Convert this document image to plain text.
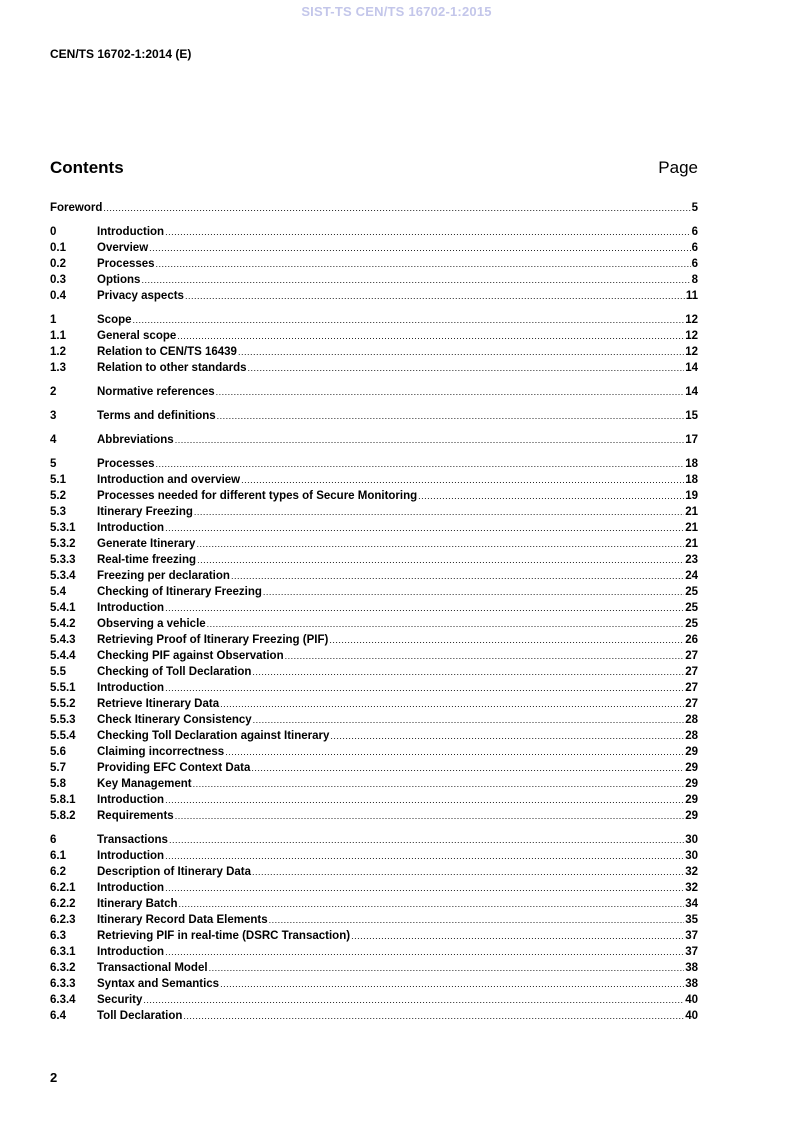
SIST-TS CEN/TS 16702-1:2015
CEN/TS 16702-1:2014 (E)
Contents	Page
Foreword .....	5
0	Introduction .....	6
0.1	Overview .....	6
0.2	Processes .....	6
0.3	Options .....	8
0.4	Privacy aspects .....	11
1	Scope .....	12
1.1	General scope .....	12
1.2	Relation to CEN/TS 16439 .....	12
1.3	Relation to other standards .....	14
2	Normative references .....	14
3	Terms and definitions .....	15
4	Abbreviations .....	17
5	Processes .....	18
5.1	Introduction and overview .....	18
5.2	Processes needed for different types of Secure Monitoring .....	19
5.3	Itinerary Freezing .....	21
5.3.1	Introduction .....	21
5.3.2	Generate Itinerary .....	21
5.3.3	Real-time freezing .....	23
5.3.4	Freezing per declaration .....	24
5.4	Checking of Itinerary Freezing .....	25
5.4.1	Introduction .....	25
5.4.2	Observing a vehicle .....	25
5.4.3	Retrieving Proof of Itinerary Freezing (PIF) .....	26
5.4.4	Checking PIF against Observation .....	27
5.5	Checking of Toll Declaration .....	27
5.5.1	Introduction .....	27
5.5.2	Retrieve Itinerary Data .....	27
5.5.3	Check Itinerary Consistency .....	28
5.5.4	Checking Toll Declaration against Itinerary .....	28
5.6	Claiming incorrectness .....	29
5.7	Providing EFC Context Data .....	29
5.8	Key Management .....	29
5.8.1	Introduction .....	29
5.8.2	Requirements .....	29
6	Transactions .....	30
6.1	Introduction .....	30
6.2	Description of Itinerary Data .....	32
6.2.1	Introduction .....	32
6.2.2	Itinerary Batch .....	34
6.2.3	Itinerary Record Data Elements .....	35
6.3	Retrieving PIF in real-time (DSRC Transaction) .....	37
6.3.1	Introduction .....	37
6.3.2	Transactional Model .....	38
6.3.3	Syntax and Semantics .....	38
6.3.4	Security .....	40
6.4	Toll Declaration .....	40
2
